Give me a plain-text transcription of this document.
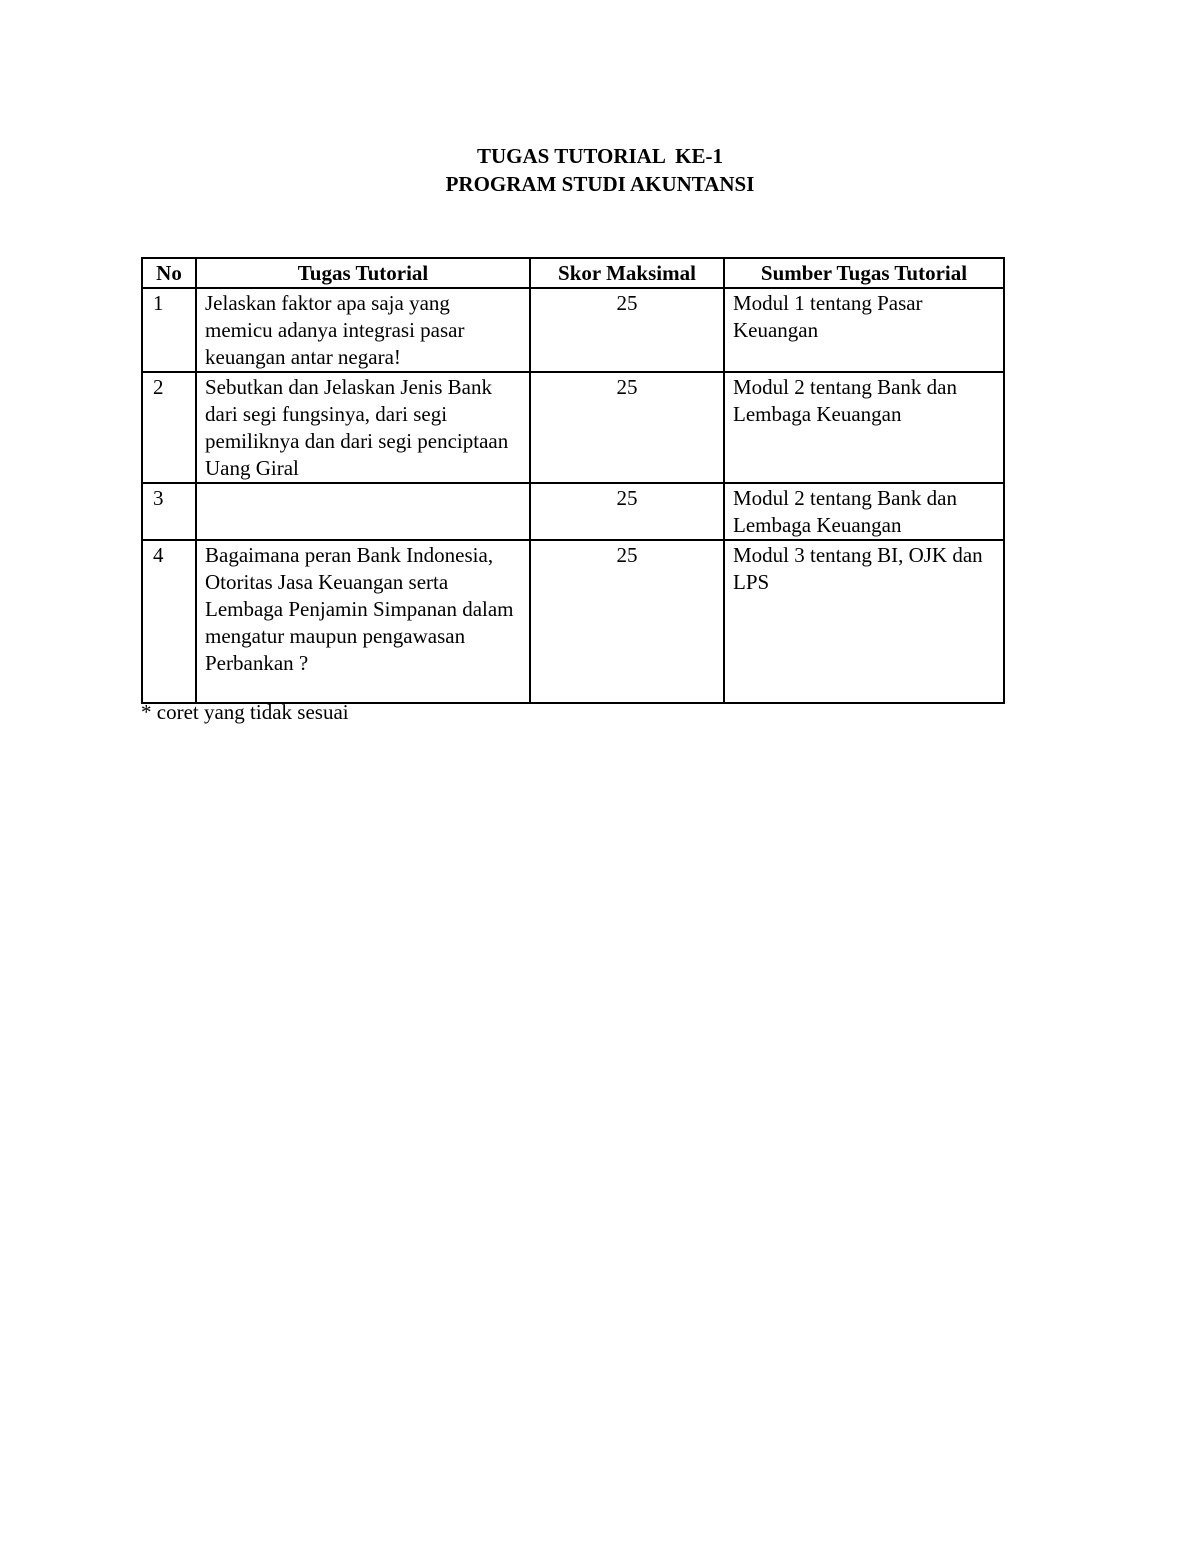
TUGAS TUTORIAL  KE-1
PROGRAM STUDI AKUNTANSI
No	Tugas Tutorial	Skor Maksimal	Sumber Tugas Tutorial
1	Jelaskan faktor apa saja yang memicu adanya integrasi pasar keuangan antar negara!	25	Modul 1 tentang Pasar Keuangan
2	Sebutkan dan Jelaskan Jenis Bank dari segi fungsinya, dari segi pemiliknya dan dari segi penciptaan Uang Giral	25	Modul 2 tentang Bank dan Lembaga Keuangan
3		25	Modul 2 tentang Bank dan Lembaga Keuangan
4	Bagaimana peran Bank Indonesia, Otoritas Jasa Keuangan serta Lembaga Penjamin Simpanan dalam mengatur maupun pengawasan Perbankan ?	25	Modul 3 tentang BI, OJK dan LPS
* coret yang tidak sesuai
